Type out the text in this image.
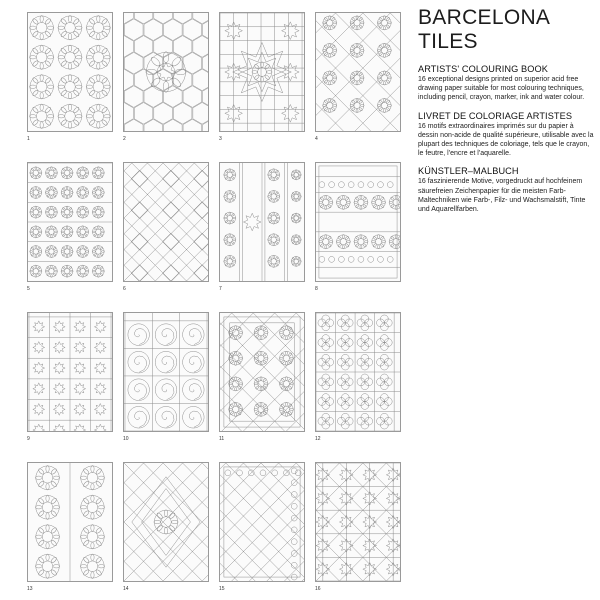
1	2	3	4
5	6	7	8
9	10	11	12
13	14	15	16
BARCELONA
TILES
ARTISTS' COLOURING BOOK

16 exceptional designs printed on superior acid free drawing paper suitable for most colouring techniques, including pencil, crayon, marker, ink and water colour.

LIVRET DE COLORIAGE ARTISTES

16 motifs extraordinaires imprimés sur du papier à dessin non-acide de qualité supérieure, utilisable avec la plupart des techniques de coloriage, tels que le crayon, le feutre, l'encre et l'aquarelle.

KÜNSTLER–MALBUCH

16 faszinierende Motive, vorgedruckt auf hochfeinem säurefreien Zeichenpapier für die meisten Farb-Maltechniken wie Farb-, Filz- und Wachsmalstift, Tinte und Aquarellfarben.
